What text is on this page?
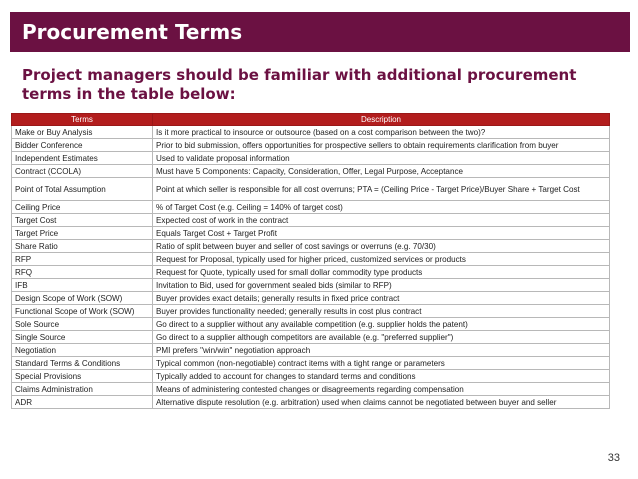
Procurement Terms
Project managers should be familiar with additional procurement terms in the table below:
Terms	Description
Make or Buy Analysis	Is it more practical to insource or outsource (based on a cost comparison between the two)?
Bidder Conference	Prior to bid submission, offers opportunities for prospective sellers to obtain requirements clarification from buyer
Independent Estimates	Used to validate proposal information
Contract (CCOLA)	Must have 5 Components: Capacity, Consideration, Offer, Legal Purpose, Acceptance
Point of Total Assumption	Point at which seller is responsible for all cost overruns; PTA = (Ceiling Price - Target Price)/Buyer Share + Target Cost
Ceiling Price	% of Target Cost (e.g. Ceiling = 140% of target cost)
Target Cost	Expected cost of work in the contract
Target Price	Equals Target Cost + Target Profit
Share Ratio	Ratio of split between buyer and seller of cost savings or overruns (e.g. 70/30)
RFP	Request for Proposal, typically used for higher priced, customized services or products
RFQ	Request for Quote, typically used for small dollar commodity type products
IFB	Invitation to Bid, used for government sealed bids (similar to RFP)
Design Scope of Work (SOW)	Buyer provides exact details; generally results in fixed price contract
Functional Scope of Work (SOW)	Buyer provides functionality needed; generally results in cost plus contract
Sole Source	Go direct to a supplier without any available competition (e.g. supplier holds the patent)
Single Source	Go direct to a supplier although competitors are available (e.g. "preferred supplier")
Negotiation	PMI prefers "win/win" negotiation approach
Standard Terms & Conditions	Typical common (non-negotiable) contract items with a tight range or parameters
Special Provisions	Typically added to account for changes to standard terms and conditions
Claims Administration	Means of administering contested changes or disagreements regarding compensation
ADR	Alternative dispute resolution (e.g. arbitration) used when claims cannot be negotiated between buyer and seller
33
